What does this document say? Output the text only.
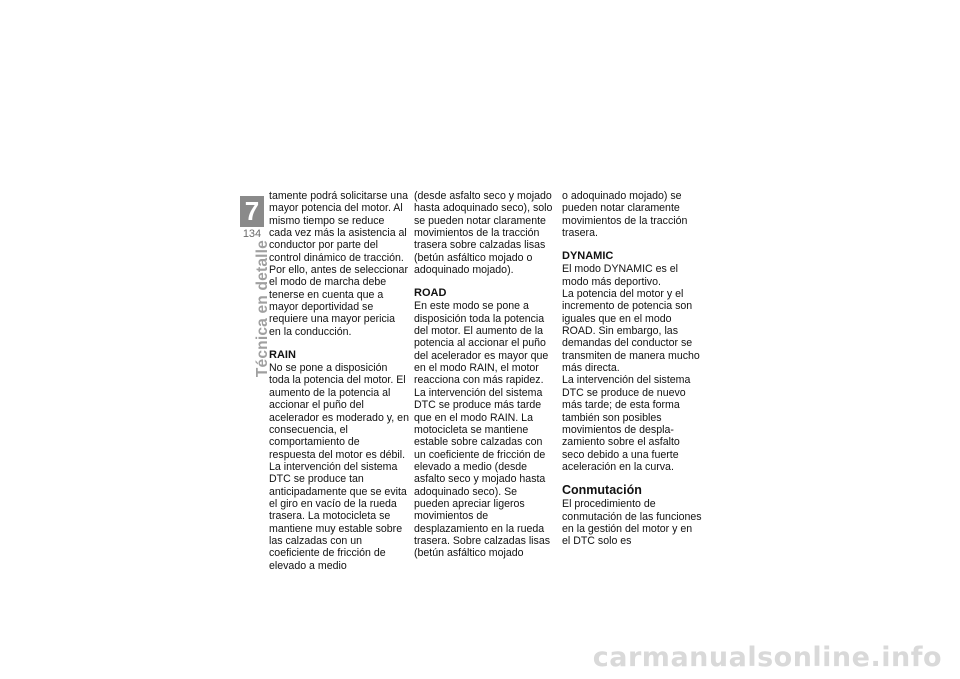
7
134
Técnica en detalle

tamente podrá solicitarse una mayor potencia del motor. Al mismo tiempo se reduce cada vez más la asistencia al conductor por parte del control dinámico de tracción.

Por ello, antes de seleccionar el modo de marcha debe tenerse en cuenta que a mayor deportividad se requiere una mayor pericia en la conducción.

RAIN

No se pone a disposición toda la potencia del motor. El aumento de la potencia al accionar el puño del acelerador es moderado y, en consecuencia, el comportamiento de respuesta del motor es débil.

La intervención del sistema DTC se produce tan anticipadamente que se evita el giro en vacío de la rueda trasera. La motocicleta se mantiene muy estable sobre las calzadas con un coeficiente de fricción de elevado a medio

(desde asfalto seco y mojado hasta adoquinado seco), solo se pueden notar claramente movimientos de la tracción trasera sobre calzadas lisas (betún asfáltico mojado o adoquinado mojado).

ROAD

En este modo se pone a disposición toda la potencia del motor. El aumento de la potencia al accionar el puño del acelerador es mayor que en el modo RAIN, el motor reacciona con más rapidez.

La intervención del sistema DTC se produce más tarde que en el modo RAIN. La motocicleta se mantiene estable sobre calzadas con un coeficiente de fricción de elevado a medio (desde asfalto seco y mojado hasta adoquinado seco). Se pueden apreciar ligeros movimientos de desplazamiento en la rueda trasera. Sobre calzadas lisas (betún asfáltico mojado

o adoquinado mojado) se pueden notar claramente movimientos de la tracción trasera.

DYNAMIC

El modo DYNAMIC es el modo más deportivo.

La potencia del motor y el incremento de potencia son iguales que en el modo ROAD. Sin embargo, las demandas del conductor se transmiten de manera mucho más directa.

La intervención del sistema DTC se produce de nuevo más tarde; de esta forma también son posibles movimientos de desplazamiento sobre el asfalto seco debido a una fuerte aceleración en la curva.

Conmutación

El procedimiento de conmutación de las funciones en la gestión del motor y en el DTC solo es

carmanualsonline.info
